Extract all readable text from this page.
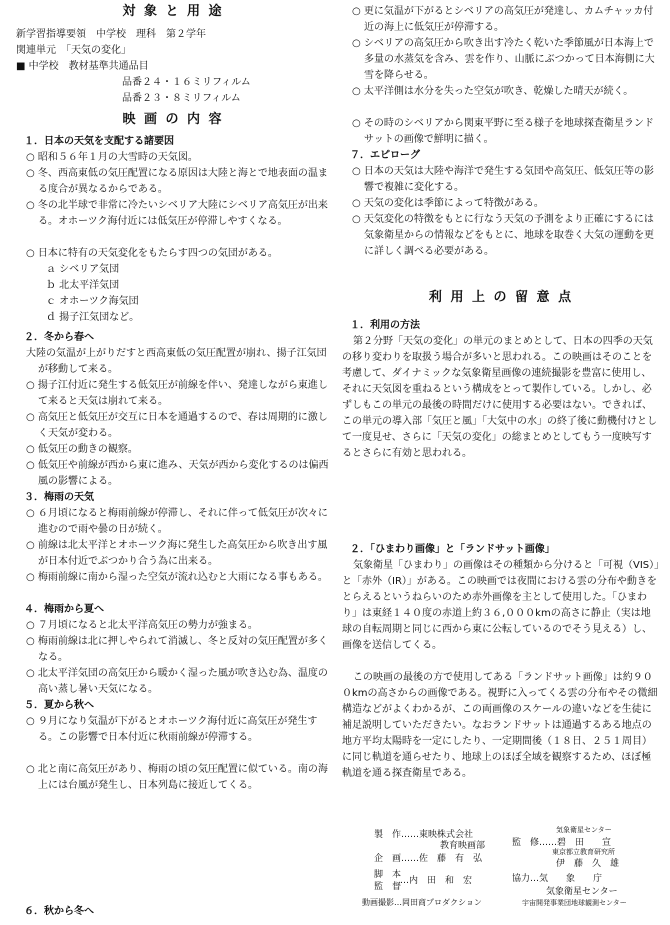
対 象 と 用 途
新学習指導要領　中学校　理科　第２学年
関連単元　「天気の変化」
■ 中学校　教材基準共通品目
　　　　　品番２４・１６ミリフィルム
　　　　　品番２３・８ミリフィルム
映 画 の 内 容
１．日本の天気を支配する諸要因
○ 昭和５６年１月の大雪時の天気図。
○ 冬、西高東低の気圧配置になる原因は大陸と海とで地表面の温まる度合が異なるからである。
○ 冬の北半球で非常に冷たいシベリア大陸にシベリア高気圧が出来る。オホーツク海付近には低気圧が停滞しやすくなる。
○ 日本に特有の天気変化をもたらす四つの気団がある。
ａ シベリア気団
ｂ 北太平洋気団
ｃ オホーツク海気団
ｄ 揚子江気団など。
２．冬から春へ
大陸の気温が上がりだすと西高東低の気圧配置が崩れ、揚子江気団が移動して来る。
○ 揚子江付近に発生する低気圧が前線を伴い、発達しながら東進して来ると天気は崩れて来る。
○ 高気圧と低気圧が交互に日本を通過するので、春は周期的に激しく天気が変わる。
○ 低気圧の動きの観察。
○ 低気圧や前線が西から東に進み、天気が西から変化するのは偏西風の影響による。
３．梅雨の天気
○ ６月頃になると梅雨前線が停滞し、それに伴って低気圧が次々に進むので雨や曇の日が続く。
○ 前線は北太平洋とオホーツク海に発生した高気圧から吹き出す風が日本付近でぶつかり合う為に出来る。
○ 梅雨前線に南から湿った空気が流れ込むと大雨になる事もある。
４．梅雨から夏へ
○ ７月頃になると北太平洋高気圧の勢力が強まる。
○ 梅雨前線は北に押しやられて消滅し、冬と反対の気圧配置が多くなる。
○ 北太平洋気団の高気圧から暖かく湿った風が吹き込む為、温度の高い蒸し暑い天気になる。
５．夏から秋へ
○ ９月になり気温が下がるとオホーツク海付近に高気圧が発生する。この影響で日本付近に秋雨前線が停滞する。
○ 北と南に高気圧があり、梅雨の頃の気圧配置に似ている。南の海上には台風が発生し、日本列島に接近してくる。
６．秋から冬へ
○ 更に気温が下がるとシベリアの高気圧が発達し、カムチャッカ付近の海上に低気圧が停滞する。
○ シベリアの高気圧から吹き出す冷たく乾いた季節風が日本海上で多量の水蒸気を含み、雲を作り、山脈にぶつかって日本海側に大雪を降らせる。
○ 太平洋側は水分を失った空気が吹き、乾燥した晴天が続く。
○ その時のシベリアから関東平野に至る様子を地球探査衛星ランドサットの画像で鮮明に描く。
７．エピローグ
○ 日本の天気は大陸や海洋で発生する気団や高気圧、低気圧等の影響で複雑に変化する。
○ 天気の変化は季節によって特徴がある。
○ 天気変化の特徴をもとに行なう天気の予測をより正確にするには気象衛星からの情報などをもとに、地球を取巻く大気の運動を更に詳しく調べる必要がある。
利 用 上 の 留 意 点
１．利用の方法
第２分野「天気の変化」の単元のまとめとして、日本の四季の天気の移り変わりを取扱う場合が多いと思われる。この映画はそのことを考慮して、ダイナミックな気象衛星画像の連続撮影を豊富に使用し、それに天気図を重ねるという構成をとって製作している。しかし、必ずしもこの単元の最後の時間だけに使用する必要はない。できれば、この単元の導入部「気圧と風」「大気中の水」の終了後に動機付けとして一度見せ、さらに「天気の変化」の総まとめとしてもう一度映写するとさらに有効と思われる。
２．「ひまわり画像」と「ランドサット画像」
気象衛星「ひまわり」の画像はその種類から分けると「可視（VIS）」と「赤外（IR）」がある。この映画では夜間における雲の分布や動きをとらえるというねらいのため赤外画像を主として使用した。「ひまわり」は東経１４０度の赤道上約３６,０００kmの高さに静止（実は地球の自転周期と同じに西から東に公転しているのでそう見える）し、画像を送信してくる。
この映画の最後の方で使用してある「ランドサット画像」は約９００kmの高さからの画像である。視野に入ってくる雲の分布やその微細構造などがよくわかるが、この両画像のスケールの違いなどを生徒に補足説明していただきたい。なおランドサットは通過するある地点の地方平均太陽時を一定にしたり、一定期間後（１８日、２５１周目）に同じ軌道を通らせたり、地球上のほぼ全域を観察するため、ほぼ極軌道を通る探査衛星である。
製　作……東映株式会社
教育映画部
企　画……佐　藤　有　弘
脚　本
監　督
…内　田　和　宏
動画撮影…岡田商プロダクション
気象衛星センター
監　修……碧　田　　宣
東京都立教育研究所
伊　藤　久　雄
協力…気　　象　　庁
気象衛星センター
宇宙開発事業団地球観測センター
